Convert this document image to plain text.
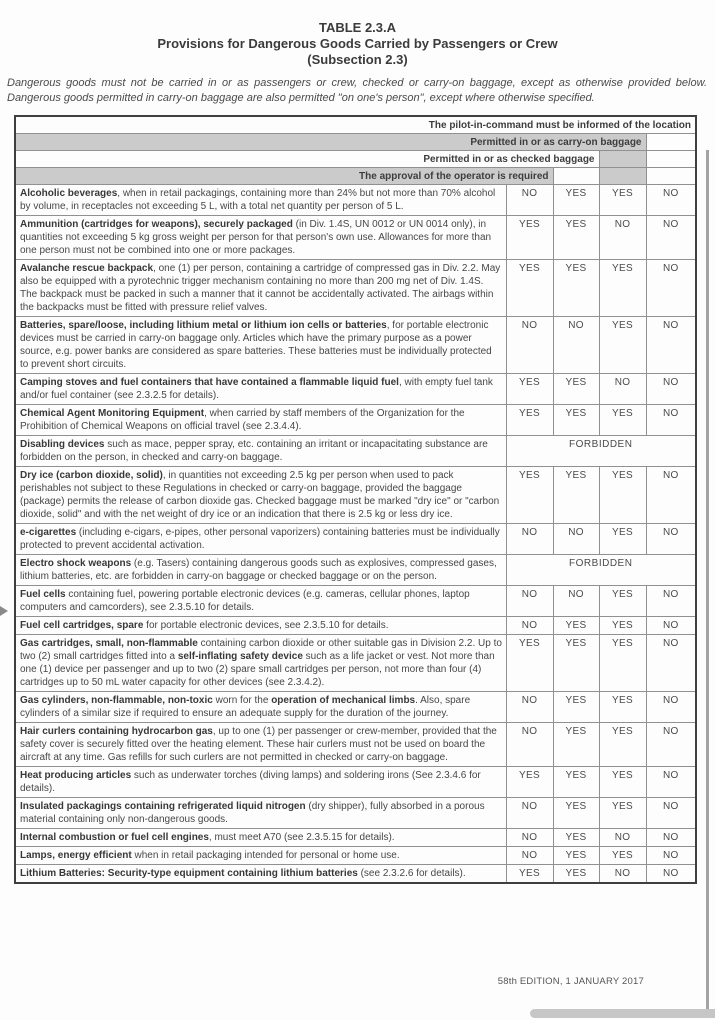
TABLE 2.3.A
Provisions for Dangerous Goods Carried by Passengers or Crew
(Subsection 2.3)

Dangerous goods must not be carried in or as passengers or crew, checked or carry-on baggage, except as otherwise provided below. Dangerous goods permitted in carry-on baggage are also permitted "on one's person", except where otherwise specified.

The pilot-in-command must be informed of the location				
Permitted in or as carry-on baggage				
Permitted in or as checked baggage				
The approval of the operator is required				
Alcoholic beverages, when in retail packagings, containing more than 24% but not more than 70% alcohol by volume, in receptacles not exceeding 5 L, with a total net quantity per person of 5 L.	NO	YES	YES	NO
Ammunition (cartridges for weapons), securely packaged (in Div. 1.4S, UN 0012 or UN 0014 only), in quantities not exceeding 5 kg gross weight per person for that person's own use. Allowances for more than one person must not be combined into one or more packages.	YES	YES	NO	NO
Avalanche rescue backpack, one (1) per person, containing a cartridge of compressed gas in Div. 2.2. May also be equipped with a pyrotechnic trigger mechanism containing no more than 200 mg net of Div. 1.4S. The backpack must be packed in such a manner that it cannot be accidentally activated. The airbags within the backpacks must be fitted with pressure relief valves.	YES	YES	YES	NO
Batteries, spare/loose, including lithium metal or lithium ion cells or batteries, for portable electronic devices must be carried in carry-on baggage only. Articles which have the primary purpose as a power source, e.g. power banks are considered as spare batteries. These batteries must be individually protected to prevent short circuits.	NO	NO	YES	NO
Camping stoves and fuel containers that have contained a flammable liquid fuel, with empty fuel tank and/or fuel container (see 2.3.2.5 for details).	YES	YES	NO	NO
Chemical Agent Monitoring Equipment, when carried by staff members of the Organization for the Prohibition of Chemical Weapons on official travel (see 2.3.4.4).	YES	YES	YES	NO
Disabling devices such as mace, pepper spray, etc. containing an irritant or incapacitating substance are forbidden on the person, in checked and carry-on baggage.	FORBIDDEN			
Dry ice (carbon dioxide, solid), in quantities not exceeding 2.5 kg per person when used to pack perishables not subject to these Regulations in checked or carry-on baggage, provided the baggage (package) permits the release of carbon dioxide gas. Checked baggage must be marked "dry ice" or "carbon dioxide, solid" and with the net weight of dry ice or an indication that there is 2.5 kg or less dry ice.	YES	YES	YES	NO
e-cigarettes (including e-cigars, e-pipes, other personal vaporizers) containing batteries must be individually protected to prevent accidental activation.	NO	NO	YES	NO
Electro shock weapons (e.g. Tasers) containing dangerous goods such as explosives, compressed gases, lithium batteries, etc. are forbidden in carry-on baggage or checked baggage or on the person.	FORBIDDEN			
Fuel cells containing fuel, powering portable electronic devices (e.g. cameras, cellular phones, laptop computers and camcorders), see 2.3.5.10 for details.	NO	NO	YES	NO
Fuel cell cartridges, spare for portable electronic devices, see 2.3.5.10 for details.	NO	YES	YES	NO
Gas cartridges, small, non-flammable containing carbon dioxide or other suitable gas in Division 2.2. Up to two (2) small cartridges fitted into a self-inflating safety device such as a life jacket or vest. Not more than one (1) device per passenger and up to two (2) spare small cartridges per person, not more than four (4) cartridges up to 50 mL water capacity for other devices (see 2.3.4.2).	YES	YES	YES	NO
Gas cylinders, non-flammable, non-toxic worn for the operation of mechanical limbs. Also, spare cylinders of a similar size if required to ensure an adequate supply for the duration of the journey.	NO	YES	YES	NO
Hair curlers containing hydrocarbon gas, up to one (1) per passenger or crew-member, provided that the safety cover is securely fitted over the heating element. These hair curlers must not be used on board the aircraft at any time. Gas refills for such curlers are not permitted in checked or carry-on baggage.	NO	YES	YES	NO
Heat producing articles such as underwater torches (diving lamps) and soldering irons (See 2.3.4.6 for details).	YES	YES	YES	NO
Insulated packagings containing refrigerated liquid nitrogen (dry shipper), fully absorbed in a porous material containing only non-dangerous goods.	NO	YES	YES	NO
Internal combustion or fuel cell engines, must meet A70 (see 2.3.5.15 for details).	NO	YES	NO	NO
Lamps, energy efficient when in retail packaging intended for personal or home use.	NO	YES	YES	NO
Lithium Batteries: Security-type equipment containing lithium batteries (see 2.3.2.6 for details).	YES	YES	NO	NO
58th EDITION, 1 JANUARY 2017
